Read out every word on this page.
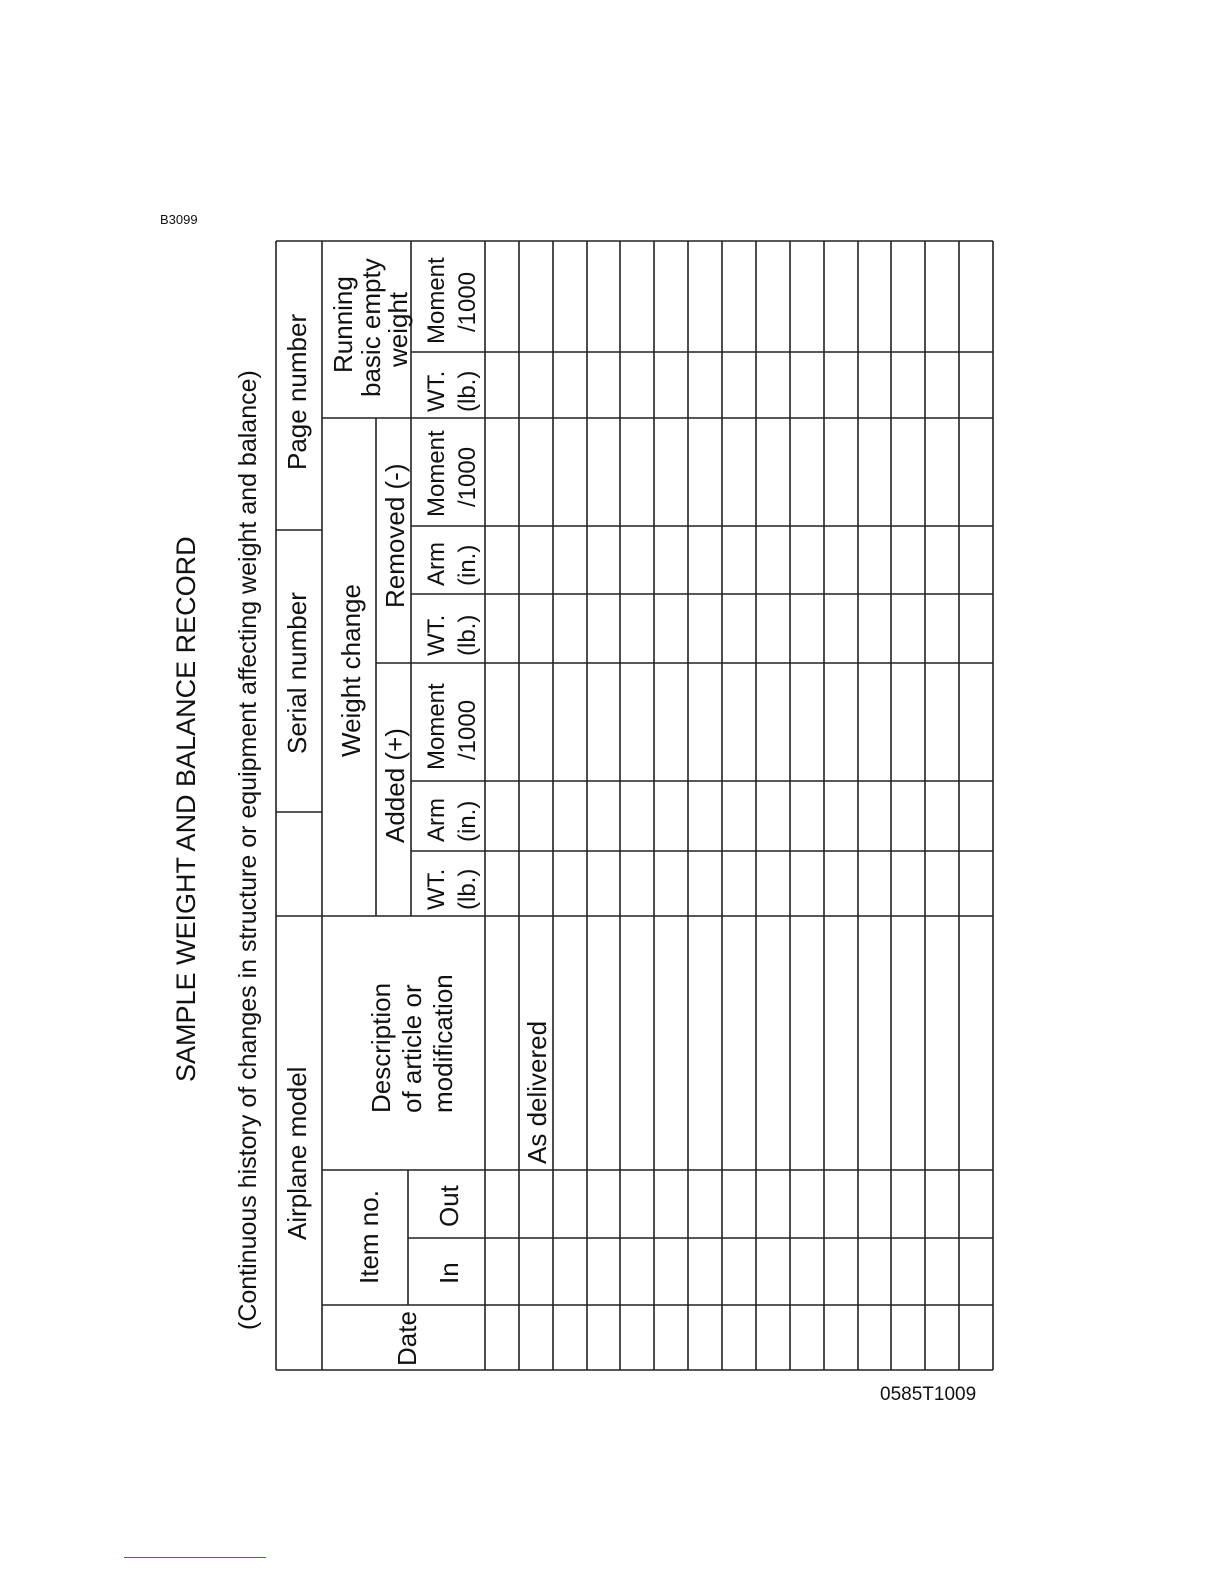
B3099
SAMPLE WEIGHT AND BALANCE RECORD (Continuous history of changes in structure or equipment affecting weight and balance) Airplane model
Serial number
Page number
Date
Item no. In
Out
Description of article or modification
Weight change
Added (+)
Removed (-)
Running
basic empty
weight
WT. (lb.)
Arm (in.)
Moment /1000
WT. (lb.)
Arm (in.)
Moment /1000
WT. (lb.)
Moment /1000
As delivered
0585T1009
